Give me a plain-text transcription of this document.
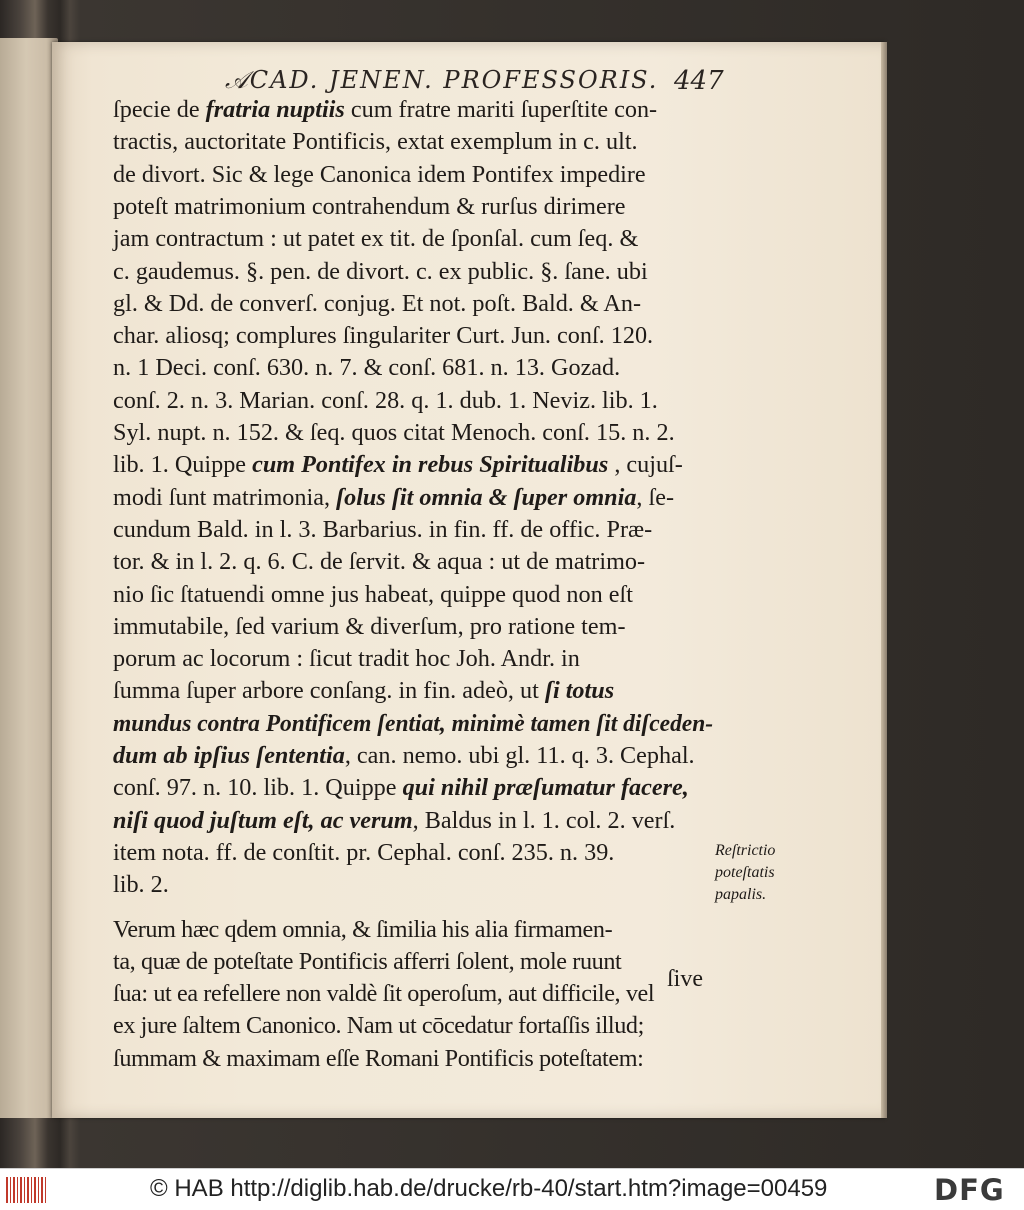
𝒜CAD. JENEN. PROFESSORIS. 447
ſpecie de fratria nuptiis cum fratre mariti ſuperſtite con-
tractis, auctoritate Pontificis, extat exemplum in c. ult.
de divort. Sic & lege Canonica idem Pontifex impedire
poteſt matrimonium contrahendum & rurſus dirimere
jam contractum : ut patet ex tit. de ſponſal. cum ſeq. &
c. gaudemus. §. pen. de divort. c. ex public. §. ſane. ubi
gl. & Dd. de converſ. conjug. Et not. poſt. Bald. & An-
char. aliosq; complures ſingulariter Curt. Jun. conſ. 120.
n. 1 Deci. conſ. 630. n. 7. & conſ. 681. n. 13. Gozad.
conſ. 2. n. 3. Marian. conſ. 28. q. 1. dub. 1. Neviz. lib. 1.
Syl. nupt. n. 152. & ſeq. quos citat Menoch. conſ. 15. n. 2.
lib. 1. Quippe cum Pontifex in rebus Spiritualibus , cujuſ-
modi ſunt matrimonia, ſolus ſit omnia & ſuper omnia, ſe-
cundum Bald. in l. 3. Barbarius. in fin. ff. de offic. Præ-
tor. & in l. 2. q. 6. C. de ſervit. & aqua : ut de matrimo-
nio ſic ſtatuendi omne jus habeat, quippe quod non eſt
immutabile, ſed varium & diverſum, pro ratione tem-
porum ac locorum : ſicut tradit hoc Joh. Andr. in
ſumma ſuper arbore conſang. in fin. adeò, ut ſi totus
mundus contra Pontificem ſentiat, minimè tamen ſit diſceden-
dum ab ipſius ſententia, can. nemo. ubi gl. 11. q. 3. Cephal.
conſ. 97. n. 10. lib. 1. Quippe qui nihil præſumatur facere,
niſi quod juſtum eſt, ac verum, Baldus in l. 1. col. 2. verſ.
item nota. ff. de conſtit. pr. Cephal. conſ. 235. n. 39.
lib. 2.
Verum hæc qdem omnia, & ſimilia his alia firmamen-
ta, quæ de poteſtate Pontificis afferri ſolent, mole ruunt
ſua: ut ea refellere non valdè ſit operoſum, aut difficile, vel
ex jure ſaltem Canonico. Nam ut cōcedatur fortaſſis illud;
ſummam & maximam eſſe Romani Pontificis poteſtatem:
Reſtrictio
poteſtatis
papalis.
ſive
© HAB http://diglib.hab.de/drucke/rb-40/start.htm?image=00459	DFG
